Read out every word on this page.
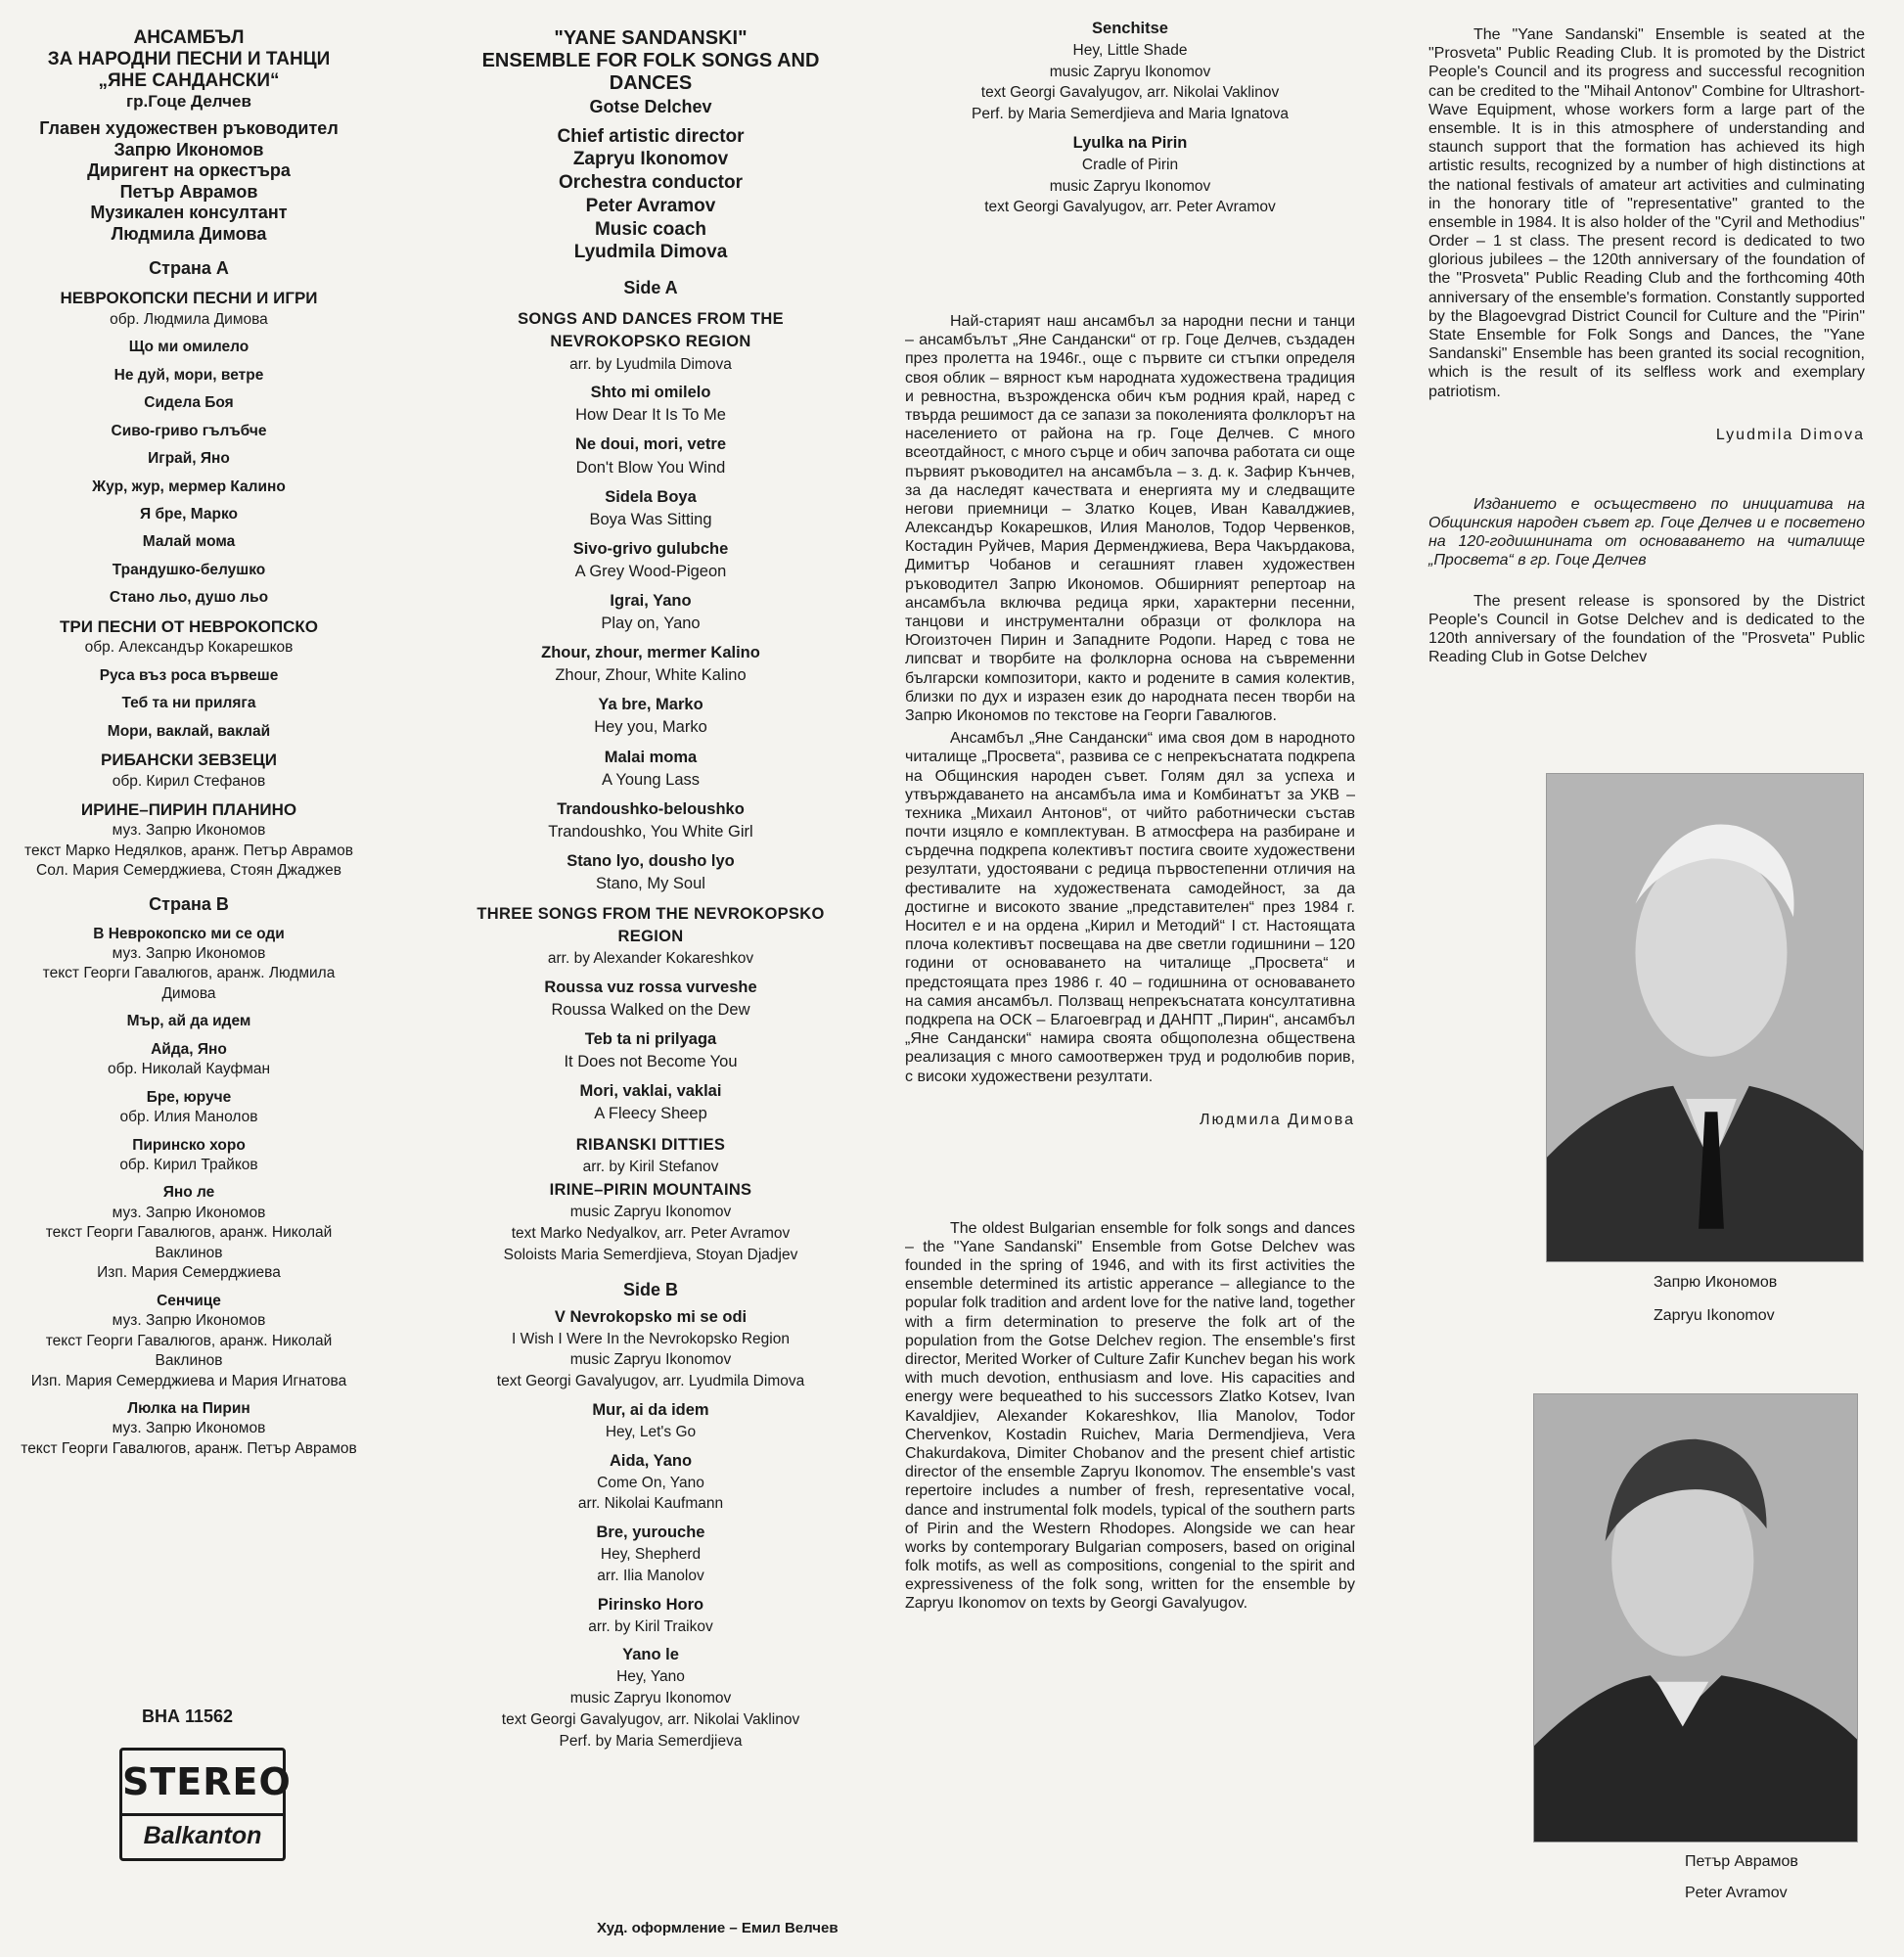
АНСАМБЪЛ
ЗА НАРОДНИ ПЕСНИ И ТАНЦИ
„ЯНЕ САНДАНСКИ“
гр.Гоце Делчев
Главен художествен ръководител
Запрю Икономов
Диригент на оркестъра
Петър Аврамов
Музикален консултант
Людмила Димова
Страна А
НЕВРОКОПСКИ ПЕСНИ И ИГРИ
обр. Людмила Димова
Що ми омилело
Не дуй, мори, ветре
Сидела Боя
Сиво-гриво гълъбче
Играй, Яно
Жур, жур, мермер Калино
Я бре, Марко
Малай мома
Трандушко-белушко
Стано льо, душо льо
ТРИ ПЕСНИ ОТ НЕВРОКОПСКО
обр. Александър Кокарешков
Руса въз роса вървеше
Теб та ни приляга
Мори, ваклай, ваклай
РИБАНСКИ ЗЕВЗЕЦИ
обр. Кирил Стефанов
ИРИНЕ–ПИРИН ПЛАНИНО
муз. Запрю Икономов
текст Марко Недялков, аранж. Петър Аврамов
Сол. Мария Семерджиева, Стоян Джаджев
Страна В
В Неврокопско ми се оди
муз. Запрю Икономов
текст Георги Гавалюгов, аранж. Людмила Димова
Мър, ай да идем
Айда, Яно
обр. Николай Кауфман
Бре, юруче
обр. Илия Манолов
Пиринско хоро
обр. Кирил Трайков
Яно ле
муз. Запрю Икономов
текст Георги Гавалюгов, аранж. Николай Ваклинов
Изп. Мария Семерджиева
Сенчице
муз. Запрю Икономов
текст Георги Гавалюгов, аранж. Николай Ваклинов
Изп. Мария Семерджиева и Мария Игнатова
Люлка на Пирин
муз. Запрю Икономов
текст Георги Гавалюгов, аранж. Петър Аврамов
ВНА 11562
STEREO
Balkanton
"YANE SANDANSKI"
ENSEMBLE FOR FOLK SONGS AND DANCES
Gotse Delchev
Chief artistic director
Zapryu Ikonomov
Orchestra conductor
Peter Avramov
Music coach
Lyudmila Dimova
Side A
SONGS AND DANCES FROM THE NEVROKOPSKO REGION
arr. by Lyudmila Dimova
Shto mi omilelo
How Dear It Is To Me
Ne doui, mori, vetre
Don't Blow You Wind
Sidela Boya
Boya Was Sitting
Sivo-grivo gulubche
A Grey Wood-Pigeon
Igrai, Yano
Play on, Yano
Zhour, zhour, mermer Kalino
Zhour, Zhour, White Kalino
Ya bre, Marko
Hey you, Marko
Malai moma
A Young Lass
Trandoushko-beloushko
Trandoushko, You White Girl
Stano lyo, dousho lyo
Stano, My Soul
THREE SONGS FROM THE NEVROKOPSKO REGION
arr. by Alexander Kokareshkov
Roussa vuz rossa vurveshe
Roussa Walked on the Dew
Teb ta ni prilyaga
It Does not Become You
Mori, vaklai, vaklai
A Fleecy Sheep
RIBANSKI DITTIES
arr. by Kiril Stefanov
IRINE–PIRIN MOUNTAINS
music Zapryu Ikonomov
text Marko Nedyalkov, arr. Peter Avramov
Soloists Maria Semerdjieva, Stoyan Djadjev
Side B
V Nevrokopsko mi se odi
I Wish I Were In the Nevrokopsko Region
music Zapryu Ikonomov
text Georgi Gavalyugov, arr. Lyudmila Dimova
Mur, ai da idem
Hey, Let's Go
Aida, Yano
Come On, Yano
arr. Nikolai Kaufmann
Bre, yurouche
Hey, Shepherd
arr. Ilia Manolov
Pirinsko Horo
arr. by Kiril Traikov
Yano le
Hey, Yano
music Zapryu Ikonomov
text Georgi Gavalyugov, arr. Nikolai Vaklinov
Perf. by Maria Semerdjieva
Senchitse
Hey, Little Shade
music Zapryu Ikonomov
text Georgi Gavalyugov, arr. Nikolai Vaklinov
Perf. by Maria Semerdjieva and Maria Ignatova
Lyulka na Pirin
Cradle of Pirin
music Zapryu Ikonomov
text Georgi Gavalyugov, arr. Peter Avramov

Най-старият наш ансамбъл за народни песни и танци – ансамбълът „Яне Сандански“ от гр. Гоце Делчев, създаден през пролетта на 1946г., още с първите си стъпки определя своя облик – вярност към народната художествена традиция и ревностна, възрожденска обич към родния край, наред с твърда решимост да се запази за поколенията фолклорът на населението от района на гр. Гоце Делчев. С много всеотдайност, с много сърце и обич започва работата си още първият ръководител на ансамбъла – з. д. к. Зафир Кънчев, за да наследят качествата и енергията му и следващите негови приемници – Златко Коцев, Иван Кавалджиев, Александър Кокарешков, Илия Манолов, Тодор Червенков, Костадин Руйчев, Мария Дерменджиева, Вера Чакърдакова, Димитър Чобанов и сегашният главен художествен ръководител Запрю Икономов. Обширният репертоар на ансамбъла включва редица ярки, характерни песенни, танцови и инструментални образци от фолклора на Югоизточен Пирин и Западните Родопи. Наред с това не липсват и творбите на фолклорна основа на съвременни български композитори, както и родените в самия колектив, близки по дух и изразен език до народната песен творби на Запрю Икономов по текстове на Георги Гавалюгов.

Ансамбъл „Яне Сандански“ има своя дом в народното читалище „Просвета“, развива се с непрекъснатата подкрепа на Общинския народен съвет. Голям дял за успеха и утвърждаването на ансамбъла има и Комбинатът за УКВ – техника „Михаил Антонов“, от чийто работнически състав почти изцяло е комплектуван. В атмосфера на разбиране и сърдечна подкрепа колективът постига своите художествени резултати, удостоявани с редица първостепенни отличия на фестивалите на художествената самодейност, за да достигне и високото звание „представителен“ през 1984 г. Носител е и на ордена „Кирил и Методий“ I ст. Настоящата плоча колективът посвещава на две светли годишнини – 120 години от основаването на читалище „Просвета“ и предстоящата през 1986 г. 40 – годишнина от основаването на самия ансамбъл. Ползващ непрекъснатата консултативна подкрепа на ОСК – Благоевград и ДАНПТ „Пирин“, ансамбъл „Яне Сандански“ намира своята общополезна обществена реализация с много самоотвержен труд и родолюбив порив, с високи художествени резултати.

Людмила Димова

The oldest Bulgarian ensemble for folk songs and dances – the "Yane Sandanski" Ensemble from Gotse Delchev was founded in the spring of 1946, and with its first activities the ensemble determined its artistic apperance – allegiance to the popular folk tradition and ardent love for the native land, together with a firm determination to preserve the folk art of the population from the Gotse Delchev region. The ensemble's first director, Merited Worker of Culture Zafir Kunchev began his work with much devotion, enthusiasm and love. His capacities and energy were bequeathed to his successors Zlatko Kotsev, Ivan Kavaldjiev, Alexander Kokareshkov, Ilia Manolov, Todor Chervenkov, Kostadin Ruichev, Maria Dermendjieva, Vera Chakurdakova, Dimiter Chobanov and the present chief artistic director of the ensemble Zapryu Ikonomov. The ensemble's vast repertoire includes a number of fresh, representative vocal, dance and instrumental folk models, typical of the southern parts of Pirin and the Western Rhodopes. Alongside we can hear works by contemporary Bulgarian composers, based on original folk motifs, as well as compositions, congenial to the spirit and expressiveness of the folk song, written for the ensemble by Zapryu Ikonomov on texts by Georgi Gavalyugov.

The "Yane Sandanski" Ensemble is seated at the "Prosveta" Public Reading Club. It is promoted by the District People's Council and its progress and successful recognition can be credited to the "Mihail Antonov" Combine for Ultrashort-Wave Equipment, whose workers form a large part of the ensemble. It is in this atmosphere of understanding and staunch support that the formation has achieved its high artistic results, recognized by a number of high distinctions at the national festivals of amateur art activities and culminating in the honorary title of "representative" granted to the ensemble in 1984. It is also holder of the "Cyril and Methodius" Order – 1 st class. The present record is dedicated to two glorious jubilees – the 120th anniversary of the foundation of the "Prosveta" Public Reading Club and the forthcoming 40th anniversary of the ensemble's formation. Constantly supported by the Blagoevgrad District Council for Culture and the "Pirin" State Ensemble for Folk Songs and Dances, the "Yane Sandanski" Ensemble has been granted its social recognition, which is the result of its selfless work and exemplary patriotism.

Lyudmila Dimova

Изданието е осъществено по инициатива на Общинския народен съвет гр. Гоце Делчев и е посветено на 120-годишнината от основаването на читалище „Просвета“ в гр. Гоце Делчев

The present release is sponsored by the District People's Council in Gotse Delchev and is dedicated to the 120th anniversary of the foundation of the "Prosveta" Public Reading Club in Gotse Delchev

Запрю Икономов
Zapryu Ikonomov
Петър Аврамов
Peter Avramov
Худ. оформление – Емил Велчев
